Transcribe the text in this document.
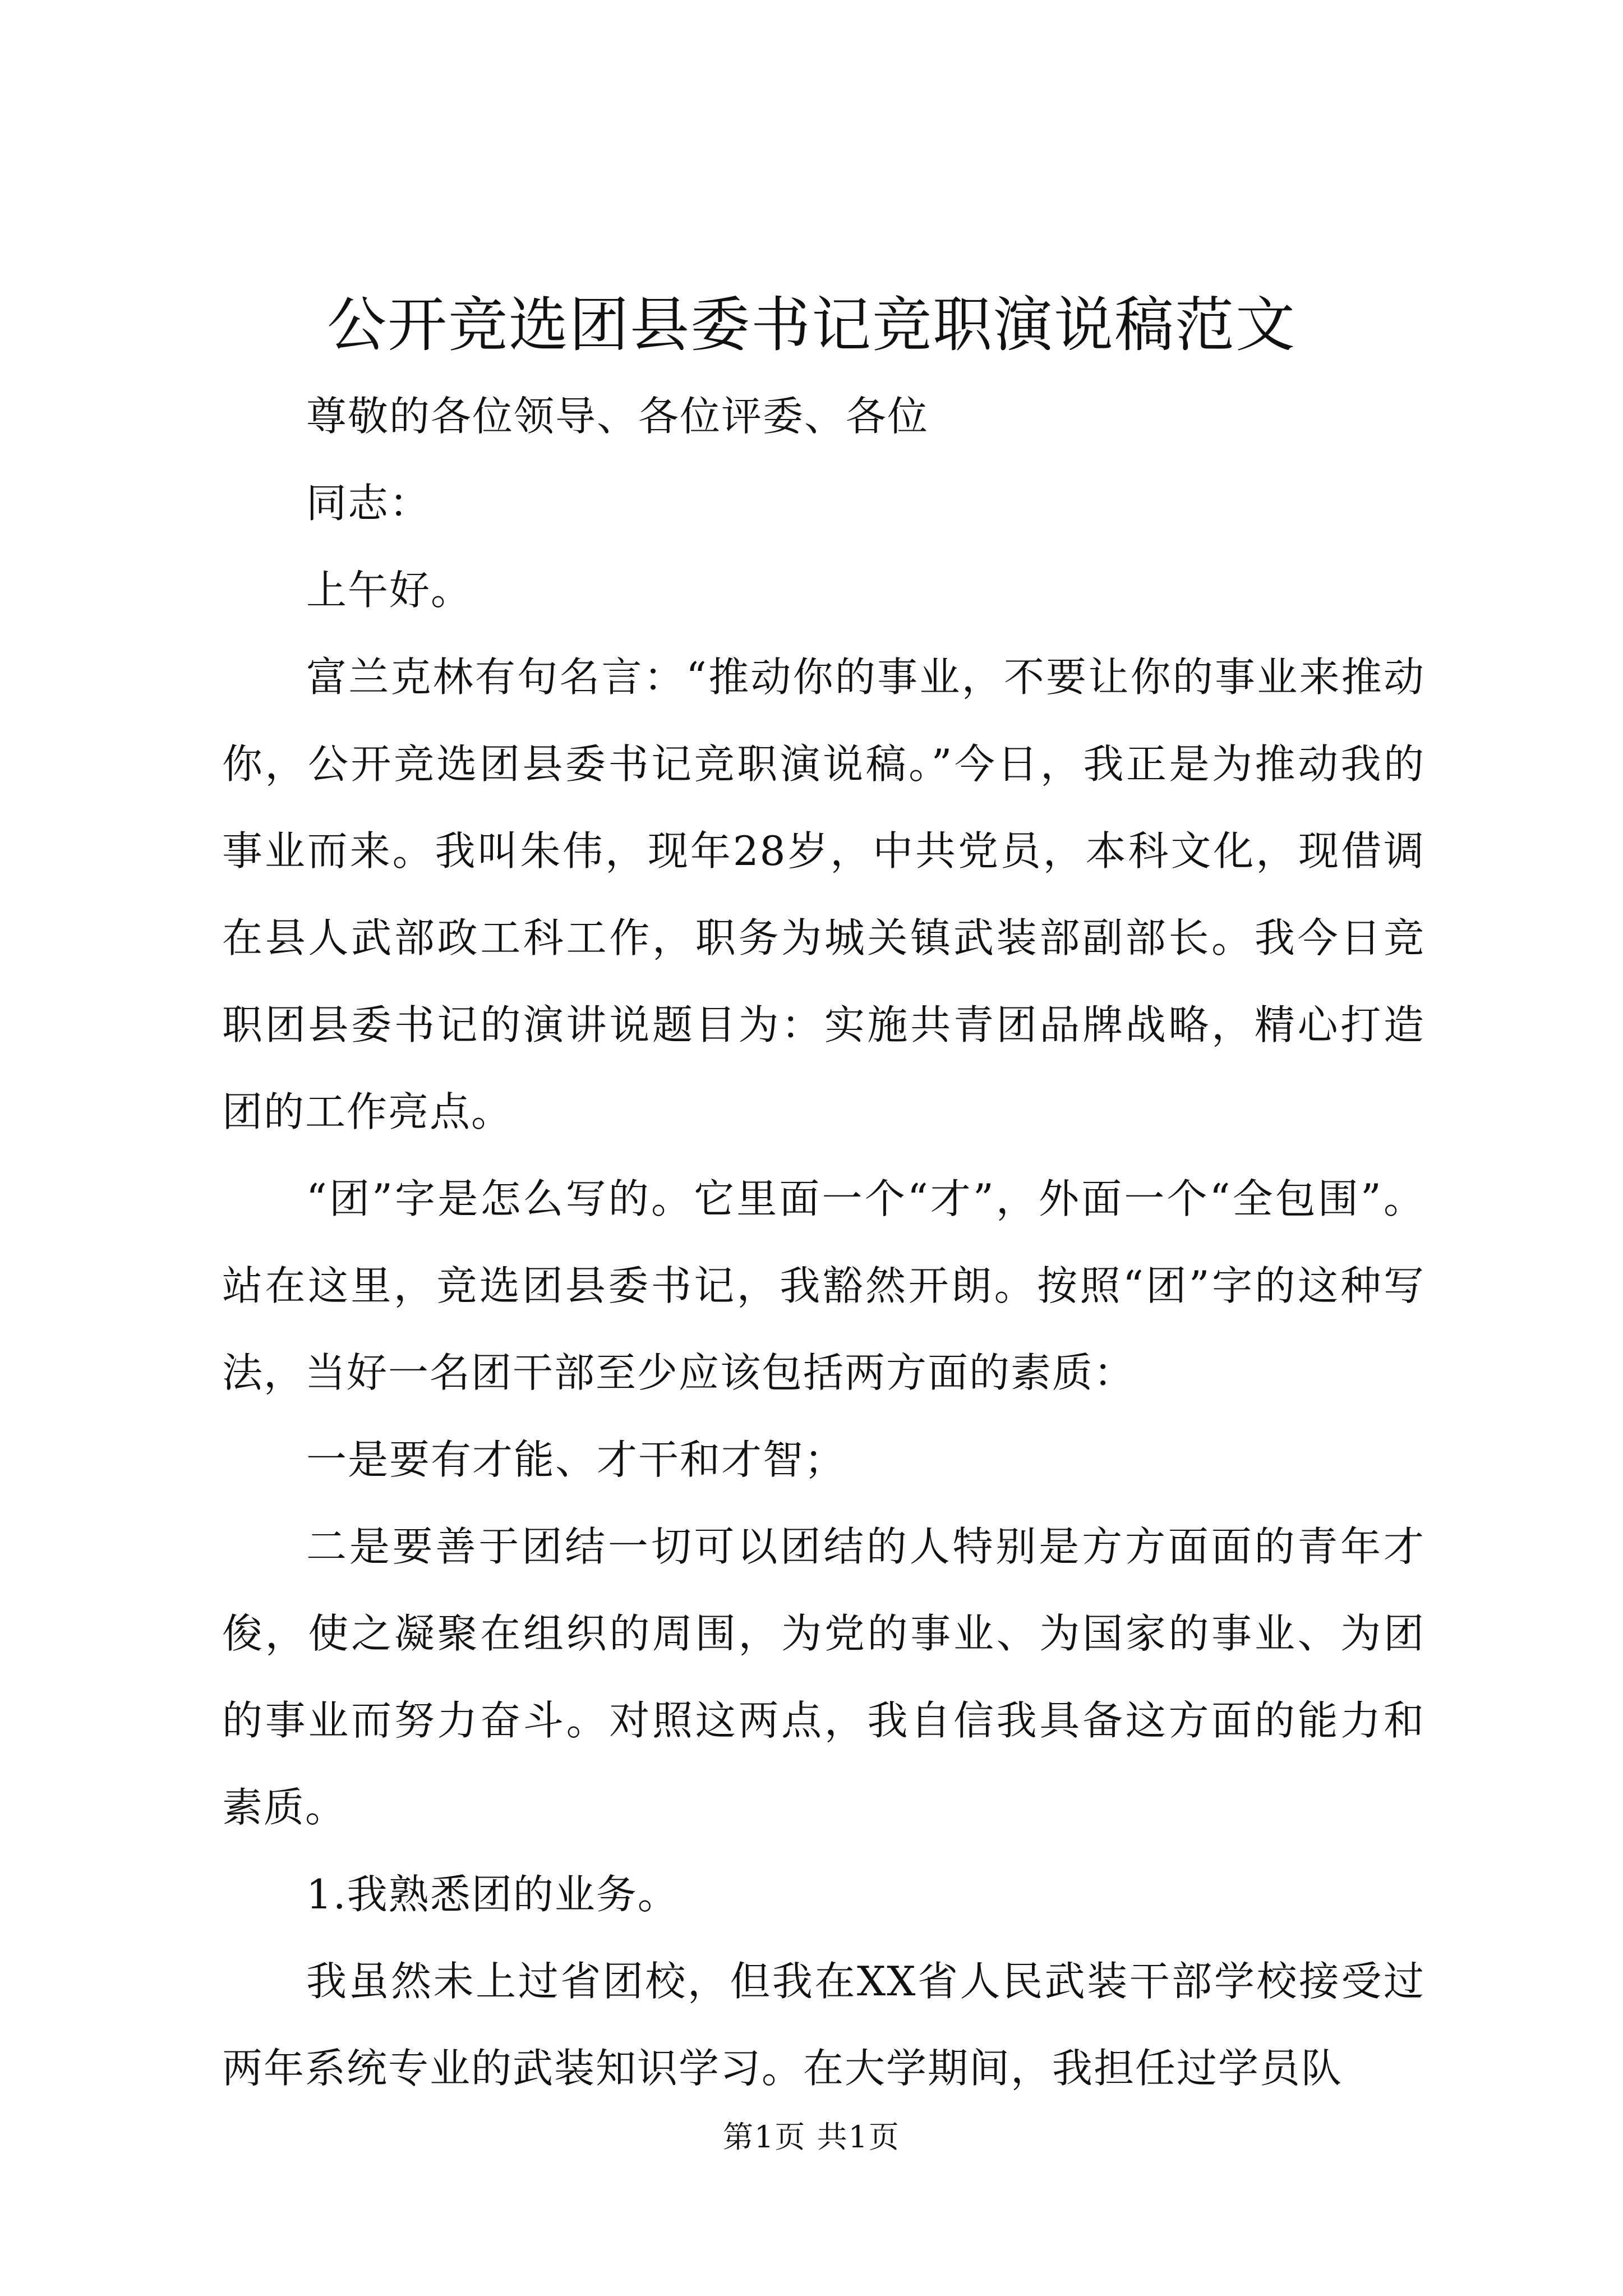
公开竞选团县委书记竞职演说稿范文

尊敬的各位领导、各位评委、各位

同志：

上午好。

富兰克林有句名言：“推动你的事业，不要让你的事业来推动你，公开竞选团县委书记竞职演说稿。”今日，我正是为推动我的事业而来。我叫朱伟，现年28岁，中共党员，本科文化，现借调在县人武部政工科工作，职务为城关镇武装部副部长。我今日竞职团县委书记的演讲说题目为：实施共青团品牌战略，精心打造团的工作亮点。

“团”字是怎么写的。它里面一个“才”，外面一个“全包围”。站在这里，竞选团县委书记，我豁然开朗。按照“团”字的这种写法，当好一名团干部至少应该包括两方面的素质：

一是要有才能、才干和才智；

二是要善于团结一切可以团结的人特别是方方面面的青年才俊，使之凝聚在组织的周围，为党的事业、为国家的事业、为团的事业而努力奋斗。对照这两点，我自信我具备这方面的能力和素质。

1.我熟悉团的业务。

我虽然未上过省团校，但我在XX省人民武装干部学校接受过两年系统专业的武装知识学习。在大学期间，我担任过学员队

第1页 共1页
